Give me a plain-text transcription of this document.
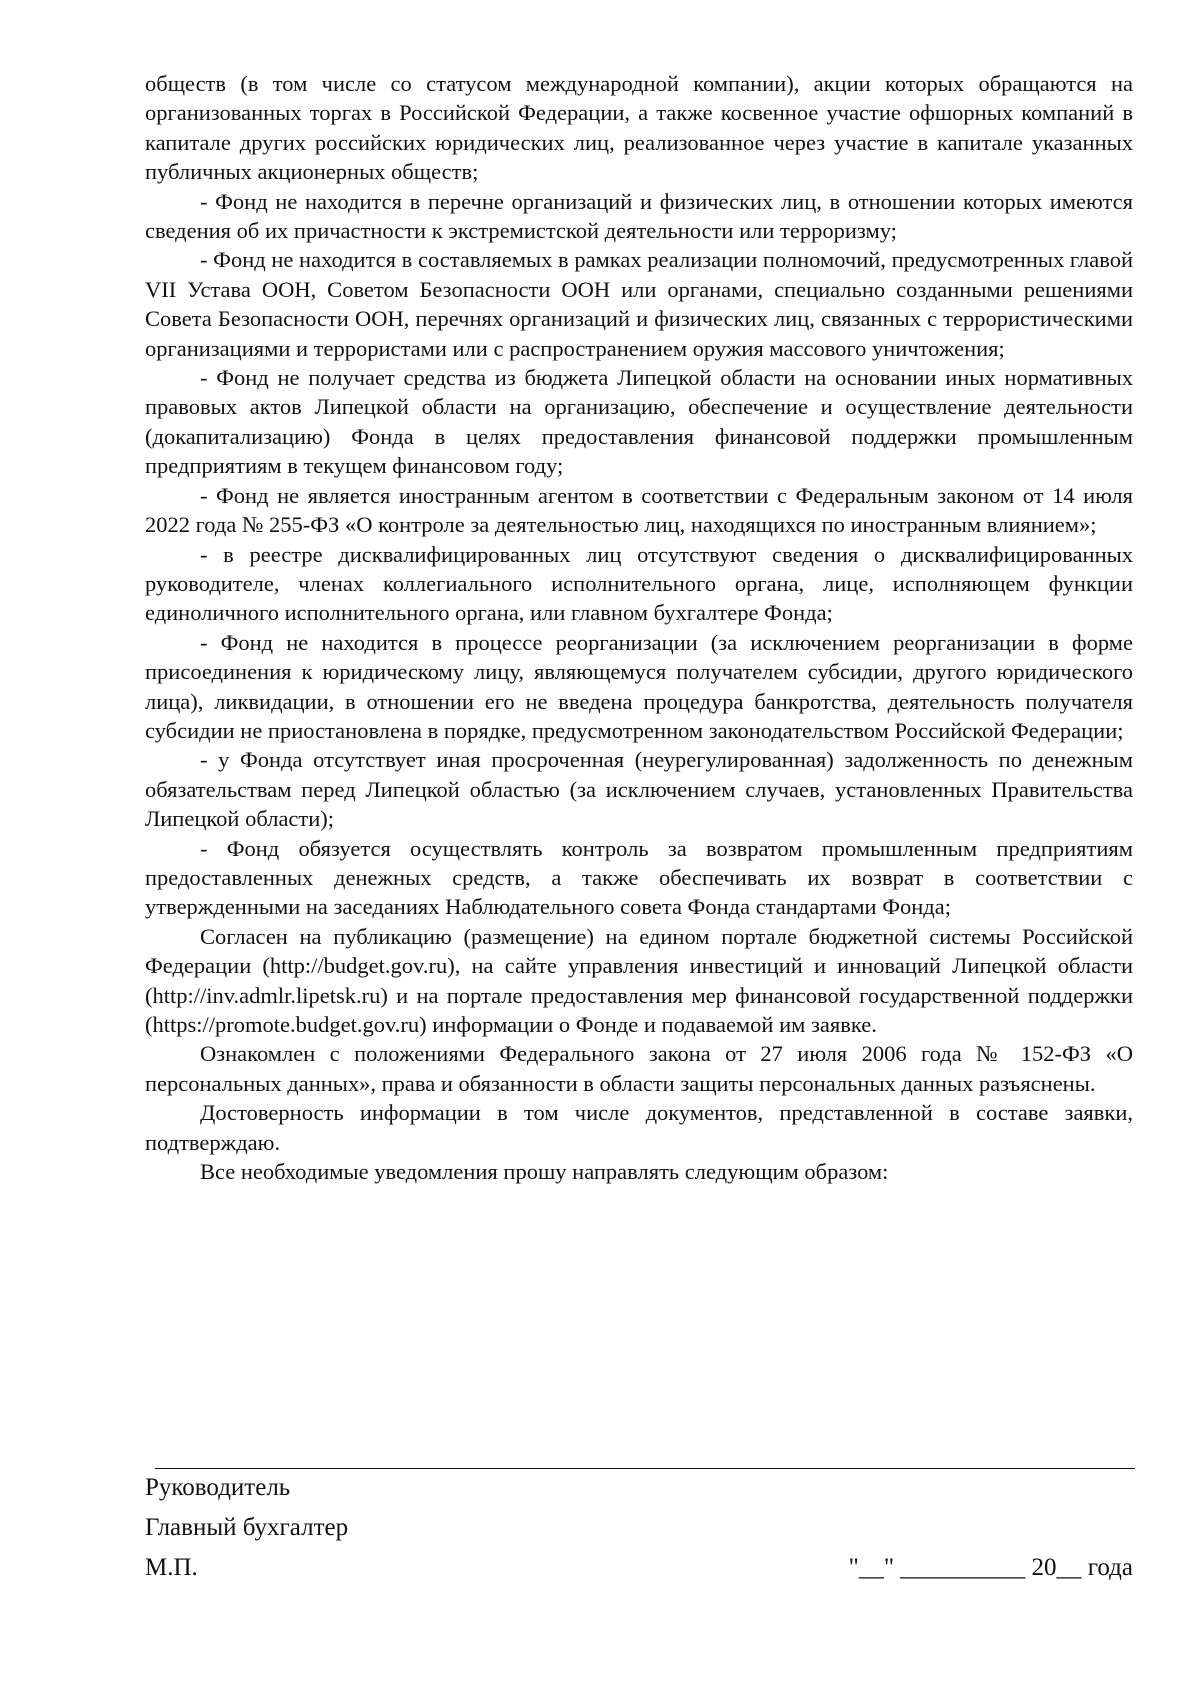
обществ (в том числе со статусом международной компании), акции которых обращаются на организованных торгах в Российской Федерации, а также косвенное участие офшорных компаний в капитале других российских юридических лиц, реализованное через участие в капитале указанных публичных акционерных обществ;

- Фонд не находится в перечне организаций и физических лиц, в отношении которых имеются сведения об их причастности к экстремистской деятельности или терроризму;

- Фонд не находится в составляемых в рамках реализации полномочий, предусмотренных главой VII Устава ООН, Советом Безопасности ООН или органами, специально созданными решениями Совета Безопасности ООН, перечнях организаций и физических лиц, связанных с террористическими организациями и террористами или с распространением оружия массового уничтожения;

- Фонд не получает средства из бюджета Липецкой области на основании иных нормативных правовых актов Липецкой области на организацию, обеспечение и осуществление деятельности (докапитализацию) Фонда в целях предоставления финансовой поддержки промышленным предприятиям в текущем финансовом году;

- Фонд не является иностранным агентом в соответствии с Федеральным законом от 14 июля 2022 года № 255-ФЗ «О контроле за деятельностью лиц, находящихся по иностранным влиянием»;

- в реестре дисквалифицированных лиц отсутствуют сведения о дисквалифицированных руководителе, членах коллегиального исполнительного органа, лице, исполняющем функции единоличного исполнительного органа, или главном бухгалтере Фонда;

- Фонд не находится в процессе реорганизации (за исключением реорганизации в форме присоединения к юридическому лицу, являющемуся получателем субсидии, другого юридического лица), ликвидации, в отношении его не введена процедура банкротства, деятельность получателя субсидии не приостановлена в порядке, предусмотренном законодательством Российской Федерации;

- у Фонда отсутствует иная просроченная (неурегулированная) задолженность по денежным обязательствам перед Липецкой областью (за исключением случаев, установленных Правительства Липецкой области);

- Фонд обязуется осуществлять контроль за возвратом промышленным предприятиям предоставленных денежных средств, а также обеспечивать их возврат в соответствии с утвержденными на заседаниях Наблюдательного совета Фонда стандартами Фонда;

Согласен на публикацию (размещение) на едином портале бюджетной системы Российской Федерации (http://budget.gov.ru), на сайте управления инвестиций и инноваций Липецкой области (http://inv.admlr.lipetsk.ru) и на портале предоставления мер финансовой государственной поддержки (https://promote.budget.gov.ru) информации о Фонде и подаваемой им заявке.

Ознакомлен с положениями Федерального закона от 27 июля 2006 года № 152-ФЗ «О персональных данных», права и обязанности в области защиты персональных данных разъяснены.

Достоверность информации в том числе документов, представленной в составе заявки, подтверждаю.

Все необходимые уведомления прошу направлять следующим образом:

Руководитель
Главный бухгалтер
М.П.	"__" __________ 20__ года
